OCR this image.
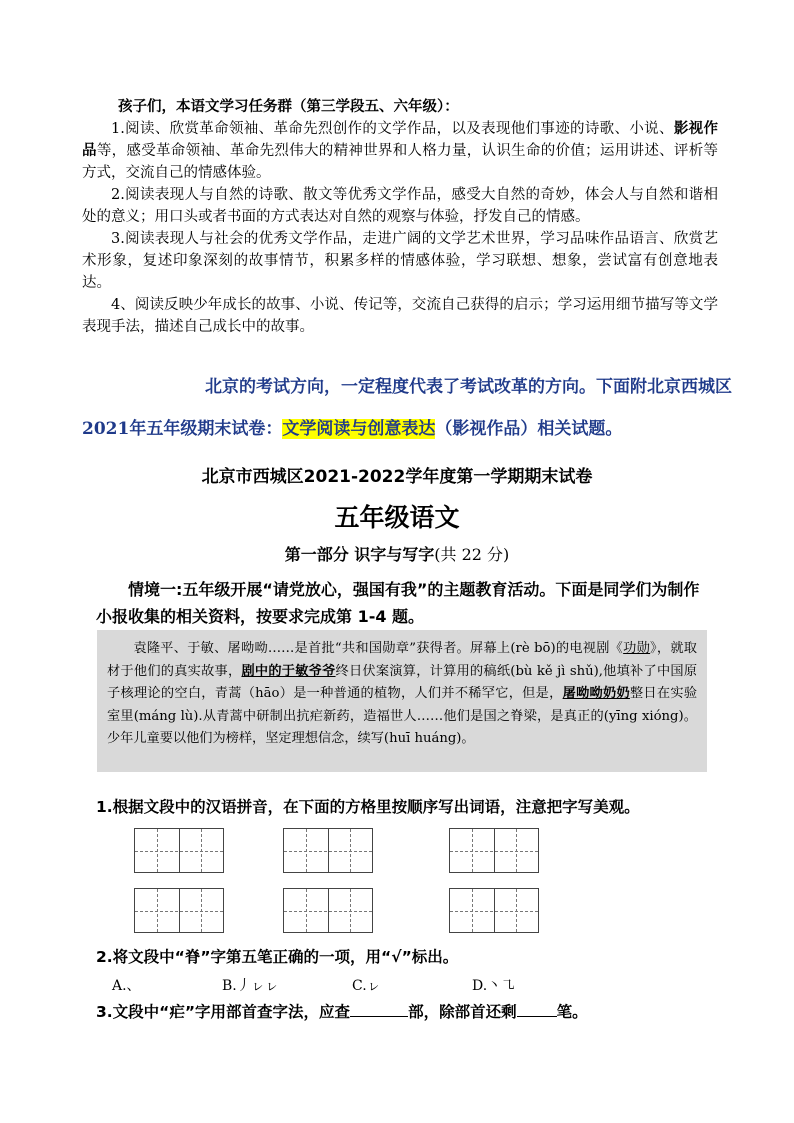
孩子们，本语文学习任务群（第三学段五、六年级）：
1.阅读、欣赏革命领袖、革命先烈创作的文学作品，以及表现他们事迹的诗歌、小说、影视作品等，感受革命领袖、革命先烈伟大的精神世界和人格力量，认识生命的价值；运用讲述、评析等方式，交流自己的情感体验。
2.阅读表现人与自然的诗歌、散文等优秀文学作品，感受大自然的奇妙，体会人与自然和谐相处的意义；用口头或者书面的方式表达对自然的观察与体验，抒发自己的情感。
3.阅读表现人与社会的优秀文学作品，走进广阔的文学艺术世界，学习品味作品语言、欣赏艺术形象，复述印象深刻的故事情节，积累多样的情感体验，学习联想、想象，尝试富有创意地表达。
4、阅读反映少年成长的故事、小说、传记等，交流自己获得的启示；学习运用细节描写等文学表现手法，描述自己成长中的故事。
北京的考试方向，一定程度代表了考试改革的方向。下面附北京西城区
2021年五年级期末试卷：文学阅读与创意表达（影视作品）相关试题。
北京市西城区2021-2022学年度第一学期期末试卷
五年级语文
第一部分 识字与写字(共 22 分)
情境一:五年级开展“请党放心，强国有我”的主题教育活动。下面是同学们为制作小报收集的相关资料，按要求完成第 1-4 题。
袁隆平、于敏、屠呦呦……是首批“共和国勋章”获得者。屏幕上(rè bō)的电视剧《功勋》，就取材于他们的真实故事，剧中的于敏爷爷终日伏案演算，计算用的稿纸(bù kě jì shǔ),他填补了中国原子核理论的空白，青蒿（hāo）是一种普通的植物，人们并不稀罕它，但是，屠呦呦奶奶整日在实验室里(máng lù).从青蒿中研制出抗疟新药，造福世人……他们是国之脊梁，是真正的(yīng xióng)。少年儿童要以他们为榜样，坚定理想信念，续写(huī huáng)。
1.根据文段中的汉语拼音，在下面的方格里按顺序写出词语，注意把字写美观。
2.将文段中“脊”字第五笔正确的一项，用“√”标出。
A.、	B.丿ㇾㇾ	C.ㇾ	D.丶㇈
3.文段中“疟”字用部首查字法，应查	部，除部首还剩	笔。
